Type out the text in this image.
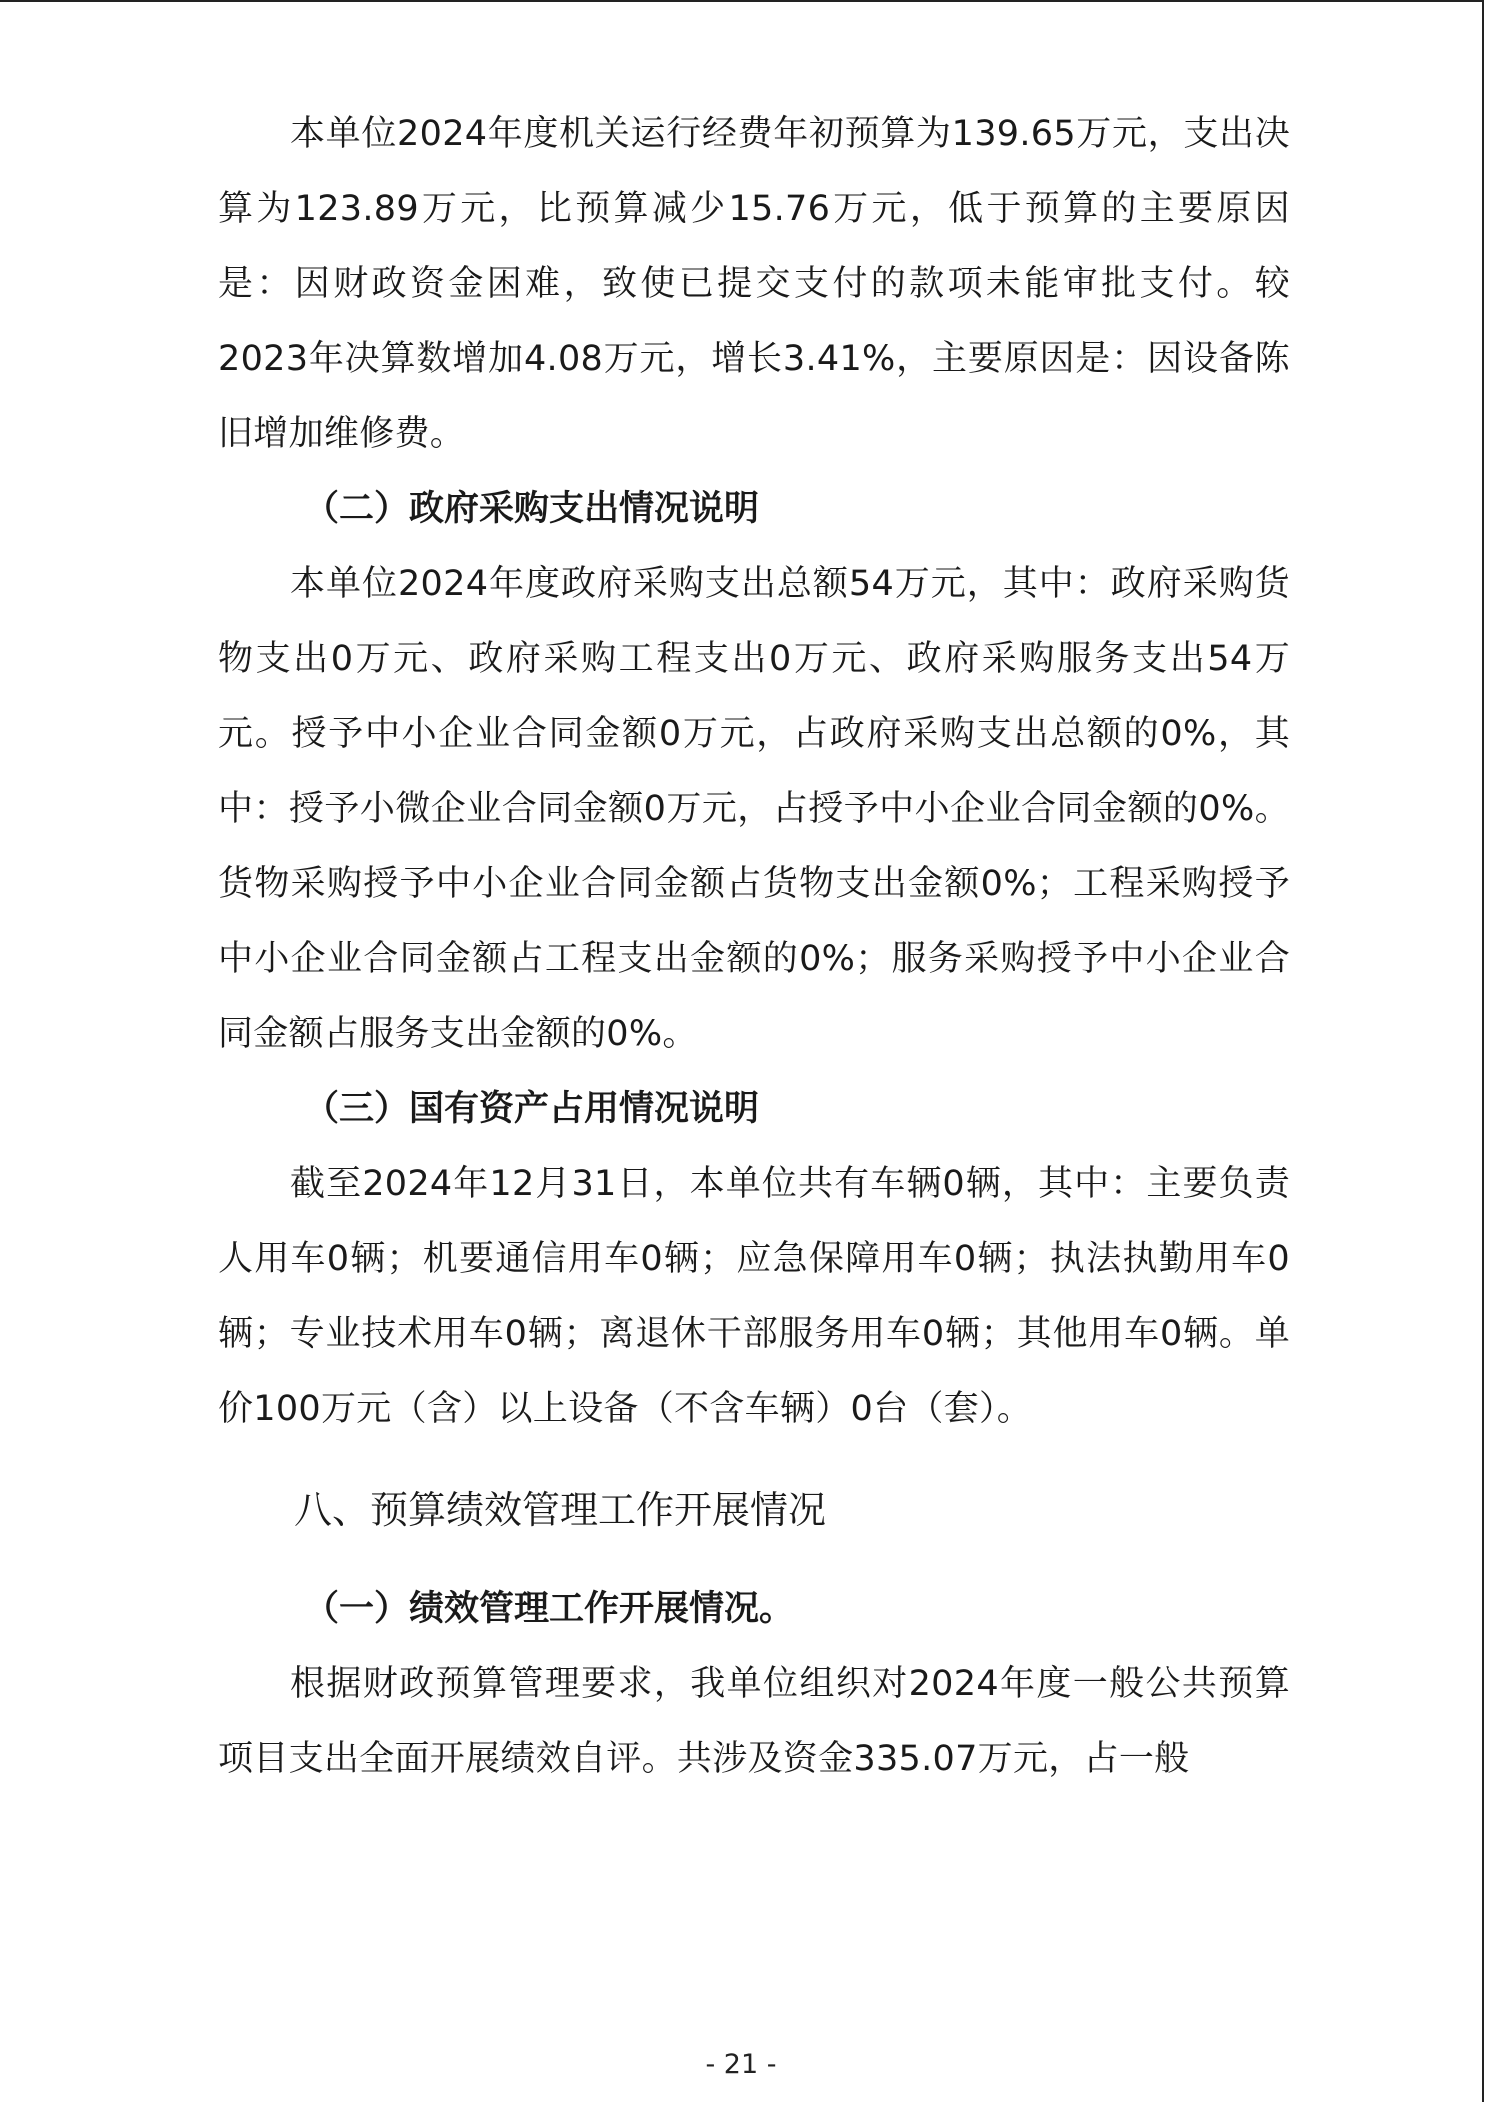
本单位2024年度机关运行经费年初预算为139.65万元，支出决算为123.89万元，比预算减少15.76万元，低于预算的主要原因是：因财政资金困难，致使已提交支付的款项未能审批支付。较2023年决算数增加4.08万元，增长3.41%，主要原因是：因设备陈旧增加维修费。

（二）政府采购支出情况说明

本单位2024年度政府采购支出总额54万元，其中：政府采购货物支出0万元、政府采购工程支出0万元、政府采购服务支出54万元。授予中小企业合同金额0万元，占政府采购支出总额的0%，其中：授予小微企业合同金额0万元，占授予中小企业合同金额的0%。货物采购授予中小企业合同金额占货物支出金额0%；工程采购授予中小企业合同金额占工程支出金额的0%；服务采购授予中小企业合同金额占服务支出金额的0%。

（三）国有资产占用情况说明

截至2024年12月31日，本单位共有车辆0辆，其中：主要负责人用车0辆；机要通信用车0辆；应急保障用车0辆；执法执勤用车0辆；专业技术用车0辆；离退休干部服务用车0辆；其他用车0辆。单价100万元（含）以上设备（不含车辆）0台（套）。

八、预算绩效管理工作开展情况

（一）绩效管理工作开展情况。

根据财政预算管理要求，我单位组织对2024年度一般公共预算项目支出全面开展绩效自评。共涉及资金335.07万元，占一般

- 21 -
